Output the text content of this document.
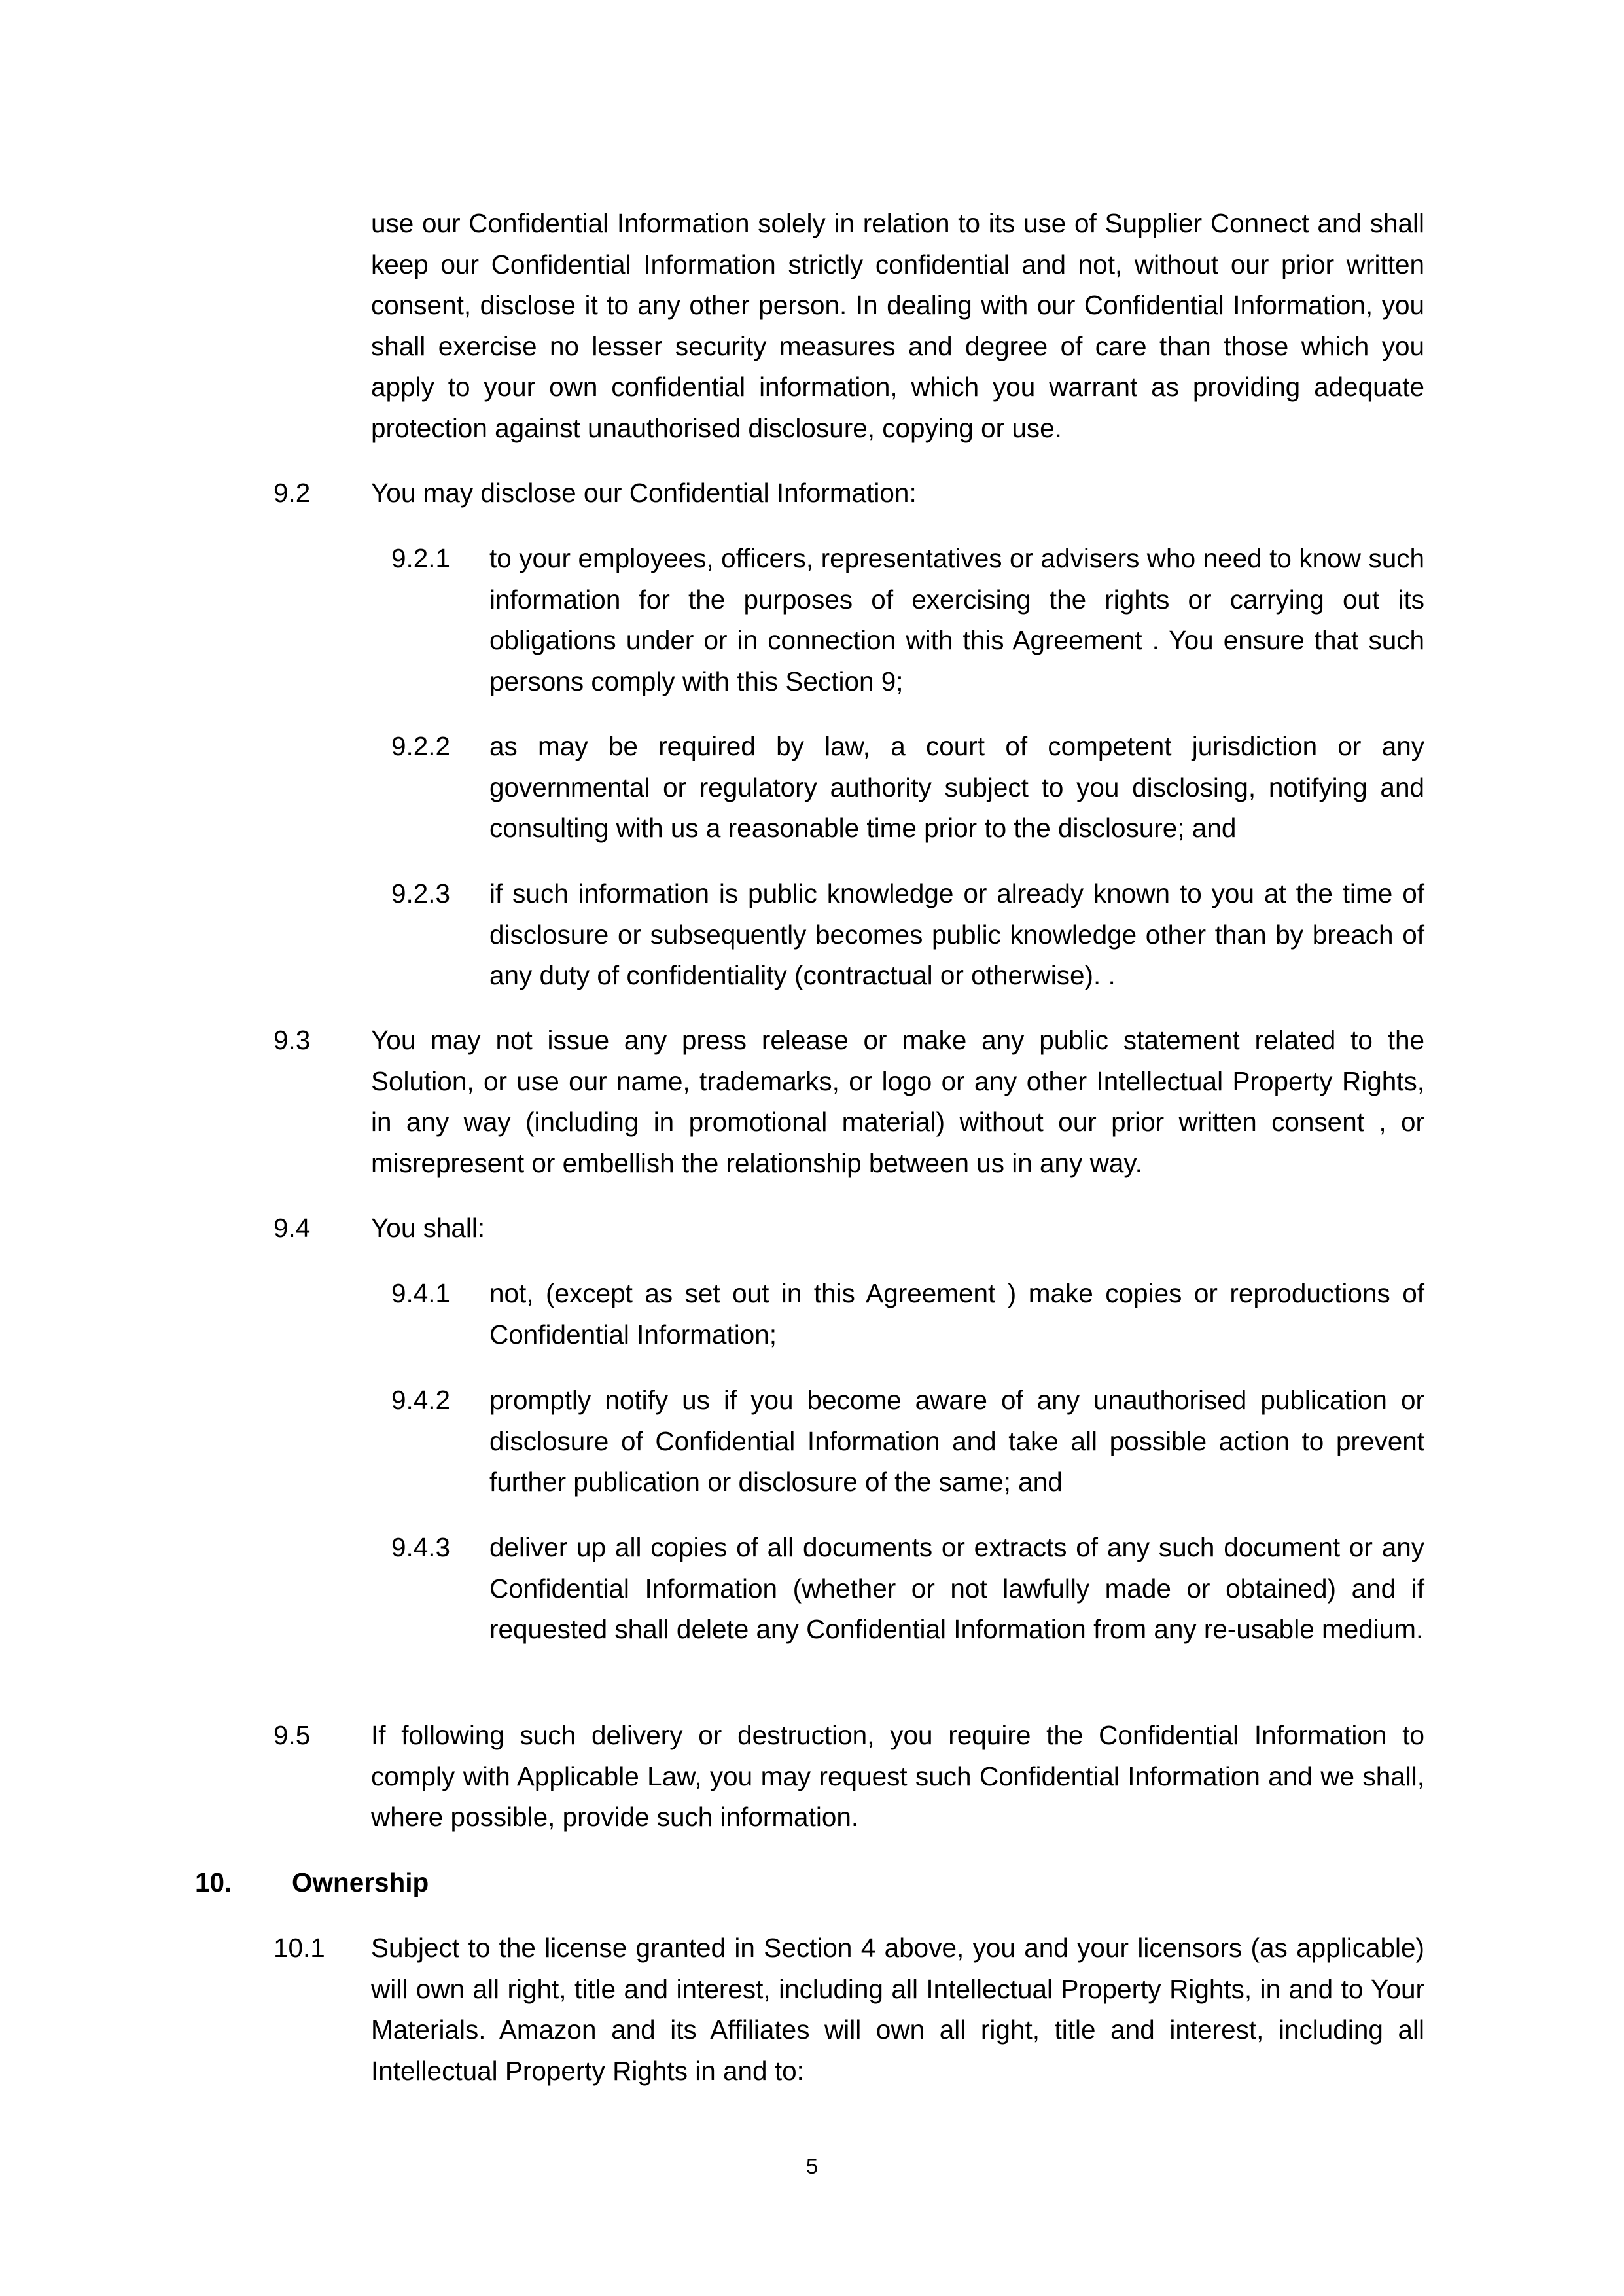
use our Confidential Information solely in relation to its use of Supplier Connect and shall keep our Confidential Information strictly confidential and not, without our prior written consent, disclose it to any other person. In dealing with our Confidential Information, you shall exercise no lesser security measures and degree of care than those which you apply to your own confidential information, which you warrant as providing adequate protection against unauthorised disclosure, copying or use.

9.2 You may disclose our Confidential Information:

9.2.1 to your employees, officers, representatives or advisers who need to know such information for the purposes of exercising the rights or carrying out its obligations under or in connection with this Agreement . You ensure that such persons comply with this Section 9;

9.2.2 as may be required by law, a court of competent jurisdiction or any governmental or regulatory authority subject to you disclosing, notifying and consulting with us a reasonable time prior to the disclosure; and

9.2.3 if such information is public knowledge or already known to you at the time of disclosure or subsequently becomes public knowledge other than by breach of any duty of confidentiality (contractual or otherwise). .

9.3 You may not issue any press release or make any public statement related to the Solution, or use our name, trademarks, or logo or any other Intellectual Property Rights, in any way (including in promotional material) without our prior written consent , or misrepresent or embellish the relationship between us in any way.

9.4 You shall:

9.4.1 not, (except as set out in this Agreement ) make copies or reproductions of Confidential Information;

9.4.2 promptly notify us if you become aware of any unauthorised publication or disclosure of Confidential Information and take all possible action to prevent further publication or disclosure of the same; and

9.4.3 deliver up all copies of all documents or extracts of any such document or any Confidential Information (whether or not lawfully made or obtained) and if requested shall delete any Confidential Information from any re-usable medium.

9.5 If following such delivery or destruction, you require the Confidential Information to comply with Applicable Law, you may request such Confidential Information and we shall, where possible, provide such information.

10. Ownership
10.1 Subject to the license granted in Section 4 above, you and your licensors (as applicable) will own all right, title and interest, including all Intellectual Property Rights, in and to Your Materials. Amazon and its Affiliates will own all right, title and interest, including all Intellectual Property Rights in and to:

5
